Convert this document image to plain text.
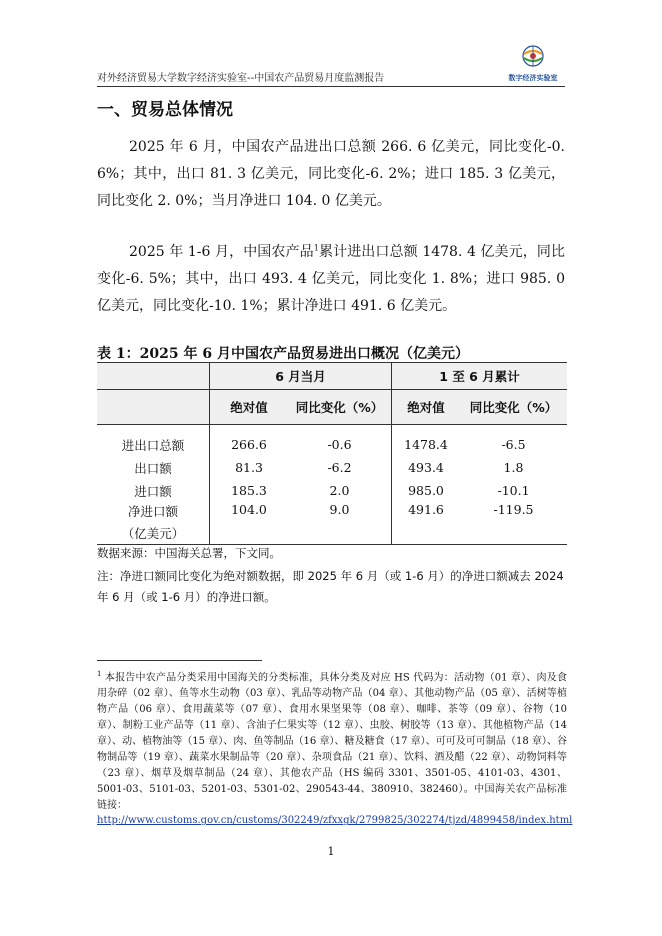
对外经济贸易大学数字经济实验室--中国农产品贸易月度监测报告	数字经济实验室
一、贸易总体情况
2025 年 6 月，中国农产品进出口总额 266. 6 亿美元，同比变化-0. 6%；其中，出口 81. 3 亿美元，同比变化-6. 2%；进口 185. 3 亿美元，同比变化 2. 0%；当月净进口 104. 0 亿美元。
2025 年 1-6 月，中国农产品$^1$累计进出口总额 1478. 4 亿美元，同比变化-6. 5%；其中，出口 493. 4 亿美元，同比变化 1. 8%；进口 985. 0 亿美元，同比变化-10. 1%；累计净进口 491. 6 亿美元。
表 1：2025 年 6 月中国农产品贸易进出口概况（亿美元）
	6 月当月		1 至 6 月累计	
	绝对值	同比变化（%）	绝对值	同比变化（%）
进出口总额	266.6	-0.6	1478.4	-6.5
出口额	81.3	-6.2	493.4	1.8
进口额	185.3	2.0	985.0	-10.1

净进口额
（亿美元）	104.0	9.0	491.6	-119.5
数据来源：中国海关总署，下文同。
注：净进口额同比变化为绝对额数据，即 2025 年 6 月（或 1-6 月）的净进口额减去 2024 年 6 月（或 1-6 月）的净进口额。
$^1$ 本报告中农产品分类采用中国海关的分类标准，具体分类及对应 HS 代码为：活动物（01 章）、肉及食用杂碎（02 章）、鱼等水生动物（03 章）、乳品等动物产品（04 章）、其他动物产品（05 章）、活树等植物产品（06 章）、食用蔬菜等（07 章）、食用水果坚果等（08 章）、咖啡、茶等（09 章）、谷物（10 章）、制粉工业产品等（11 章）、含油子仁果实等（12 章）、虫胶、树胶等（13 章）、其他植物产品（14 章）、动、植物油等（15 章）、肉、鱼等制品（16 章）、糖及糖食（17 章）、可可及可可制品（18 章）、谷物制品等（19 章）、蔬菜水果制品等（20 章）、杂项食品（21 章）、饮料、酒及醋（22 章）、动物饲料等（23 章）、烟草及烟草制品（24 章）、其他农产品（HS 编码 3301、3501-05、4101-03、4301、5001-03、5101-03、5201-03、5301-02、290543-44、380910、382460）。中国海关农产品标准链接：
http://www.customs.gov.cn/customs/302249/zfxxgk/2799825/302274/tjzd/4899458/index.html
1
